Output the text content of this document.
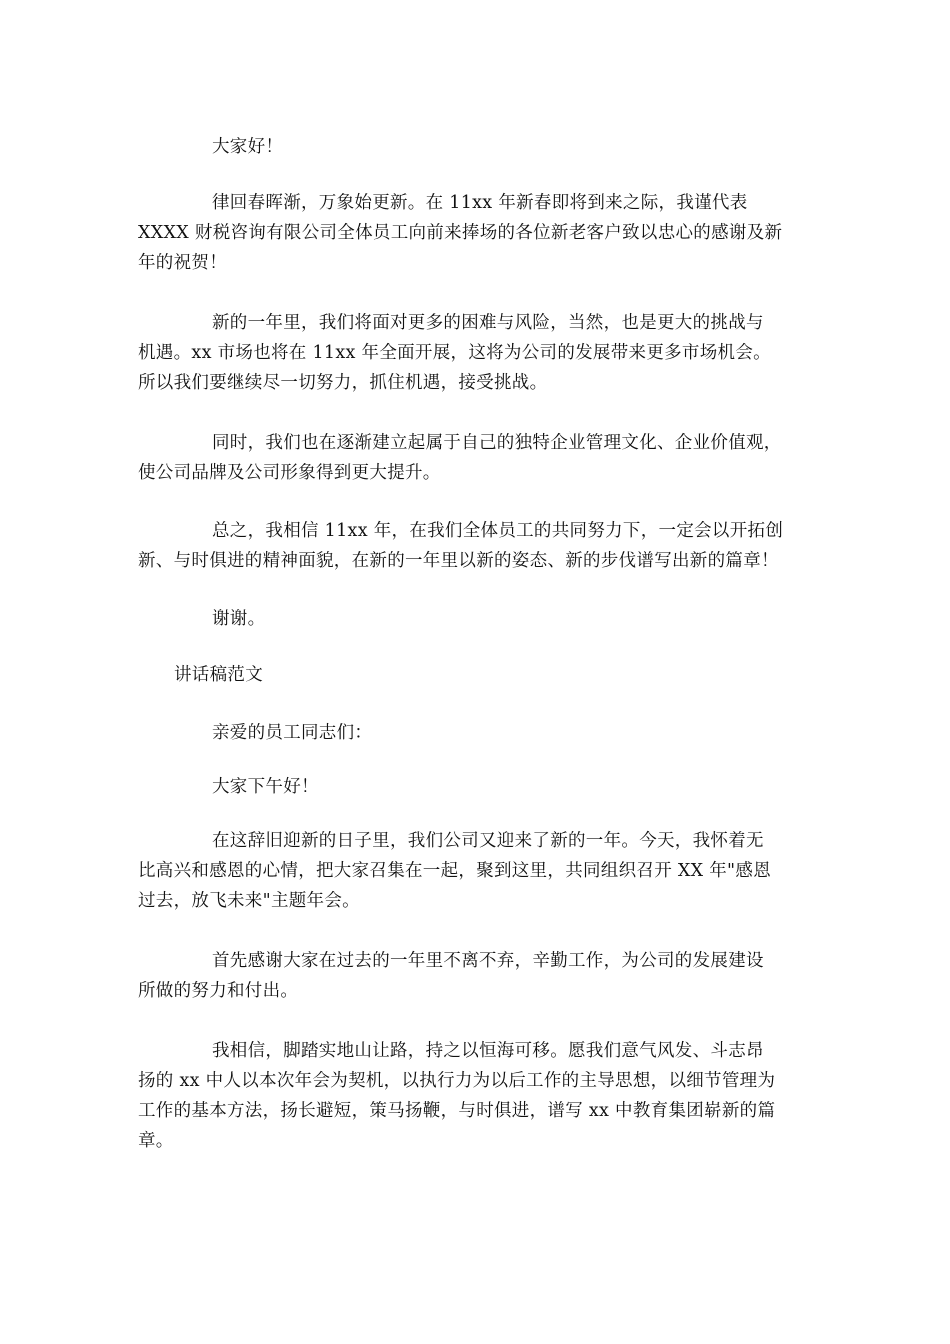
大家好！
律回春晖渐，万象始更新。在 11xx 年新春即将到来之际，我谨代表
XXXX 财税咨询有限公司全体员工向前来捧场的各位新老客户致以忠心的感谢及新
年的祝贺！
新的一年里，我们将面对更多的困难与风险，当然，也是更大的挑战与
机遇。xx 市场也将在 11xx 年全面开展，这将为公司的发展带来更多市场机会。
所以我们要继续尽一切努力，抓住机遇，接受挑战。
同时，我们也在逐渐建立起属于自己的独特企业管理文化、企业价值观，
使公司品牌及公司形象得到更大提升。
总之，我相信 11xx 年，在我们全体员工的共同努力下，一定会以开拓创
新、与时俱进的精神面貌，在新的一年里以新的姿态、新的步伐谱写出新的篇章！
谢谢。
讲话稿范文
亲爱的员工同志们：
大家下午好！
在这辞旧迎新的日子里，我们公司又迎来了新的一年。今天，我怀着无
比高兴和感恩的心情，把大家召集在一起，聚到这里，共同组织召开 XX 年"感恩
过去，放飞未来"主题年会。
首先感谢大家在过去的一年里不离不弃，辛勤工作，为公司的发展建设
所做的努力和付出。
我相信，脚踏实地山让路，持之以恒海可移。愿我们意气风发、斗志昂
扬的 xx 中人以本次年会为契机，以执行力为以后工作的主导思想，以细节管理为
工作的基本方法，扬长避短，策马扬鞭，与时俱进，谱写 xx 中教育集团崭新的篇
章。
